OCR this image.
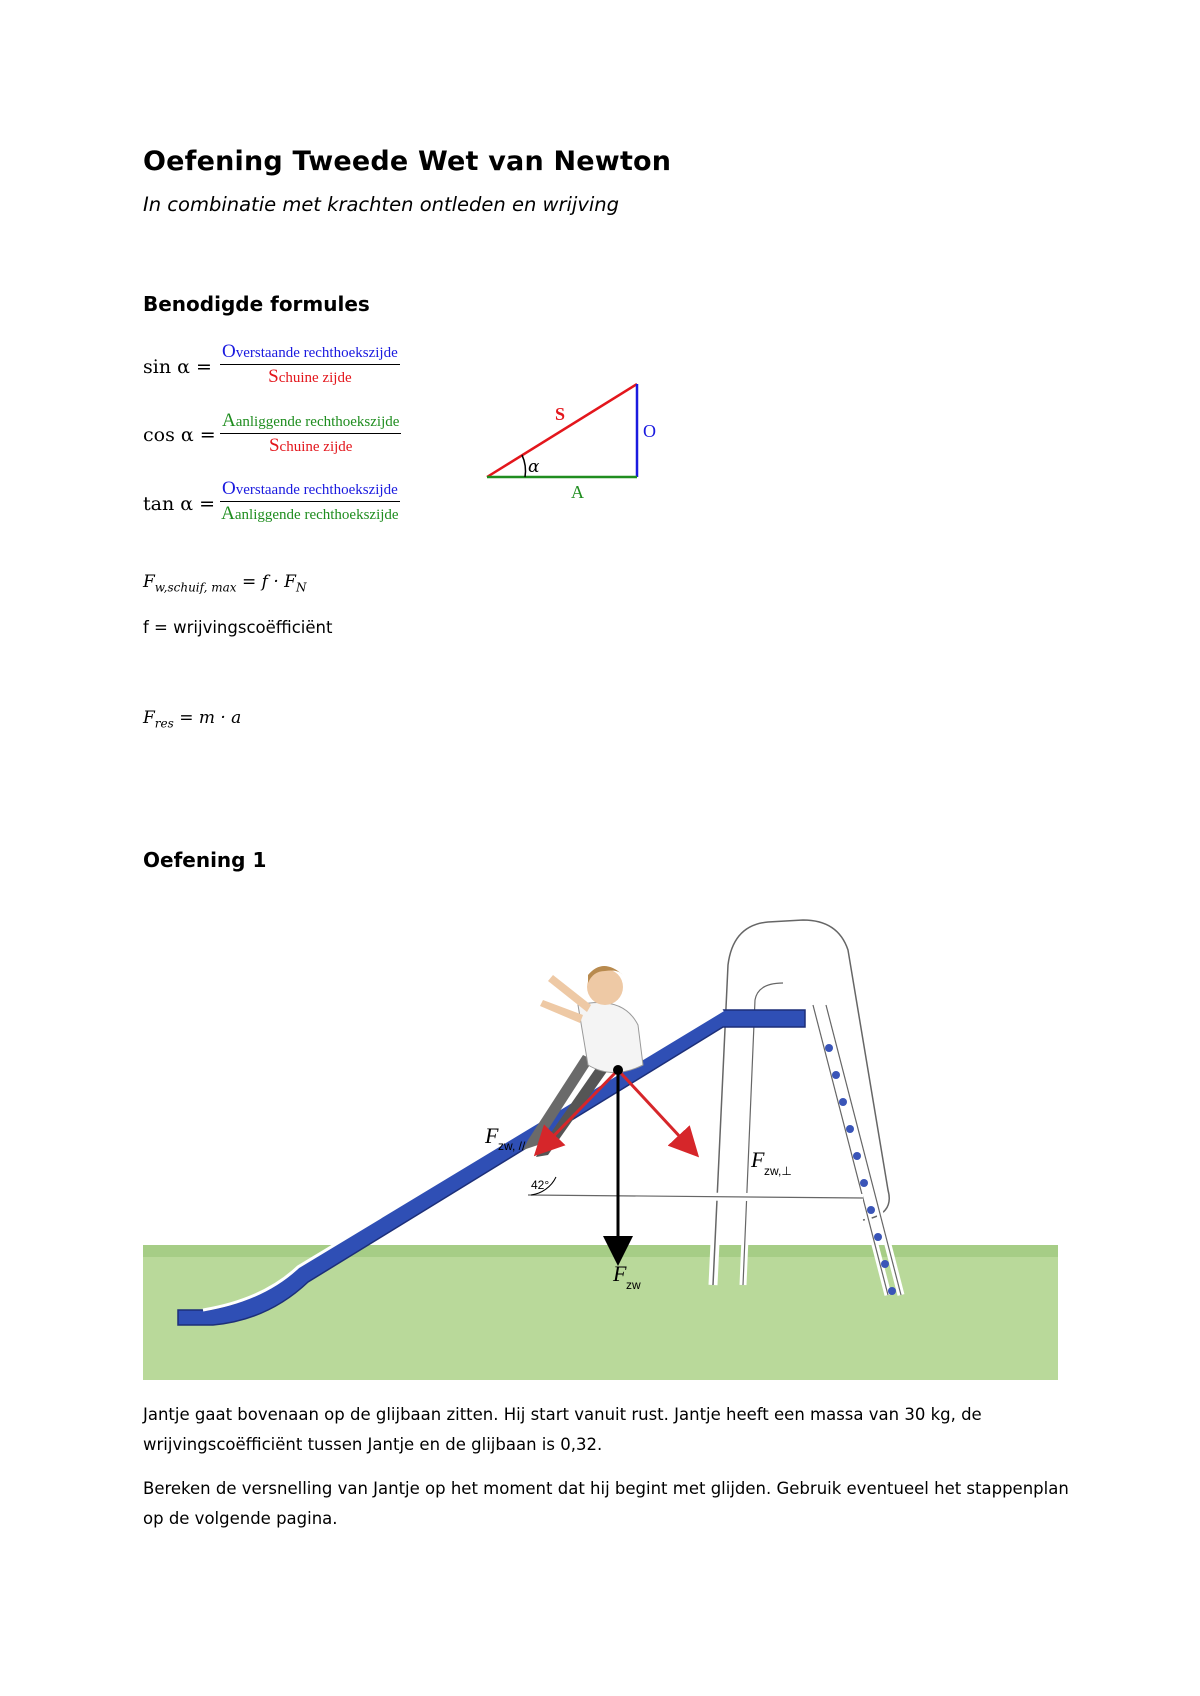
Oefening Tweede Wet van Newton
In combinatie met krachten ontleden en wrijving
Benodigde formules
sin α =
Overstaande rechthoekszijde
Schuine zijde
cos α =
Aanliggende rechthoekszijde
Schuine zijde
tan α =
Overstaande rechthoekszijde
Aanliggende rechthoekszijde
S
O
A
α
$F_{w,schuif, max} = f \cdot F_N$
f = wrijvingscoëfficiënt
$F_{res} = m \cdot a$
Oefening 1
42°
F zw, //
F zw,⊥
F zw
Jantje gaat bovenaan op de glijbaan zitten. Hij start vanuit rust. Jantje heeft een massa van 30 kg, de wrijvingscoëfficiënt tussen Jantje en de glijbaan is 0,32.
Bereken de versnelling van Jantje op het moment dat hij begint met glijden. Gebruik eventueel het stappenplan op de volgende pagina.
